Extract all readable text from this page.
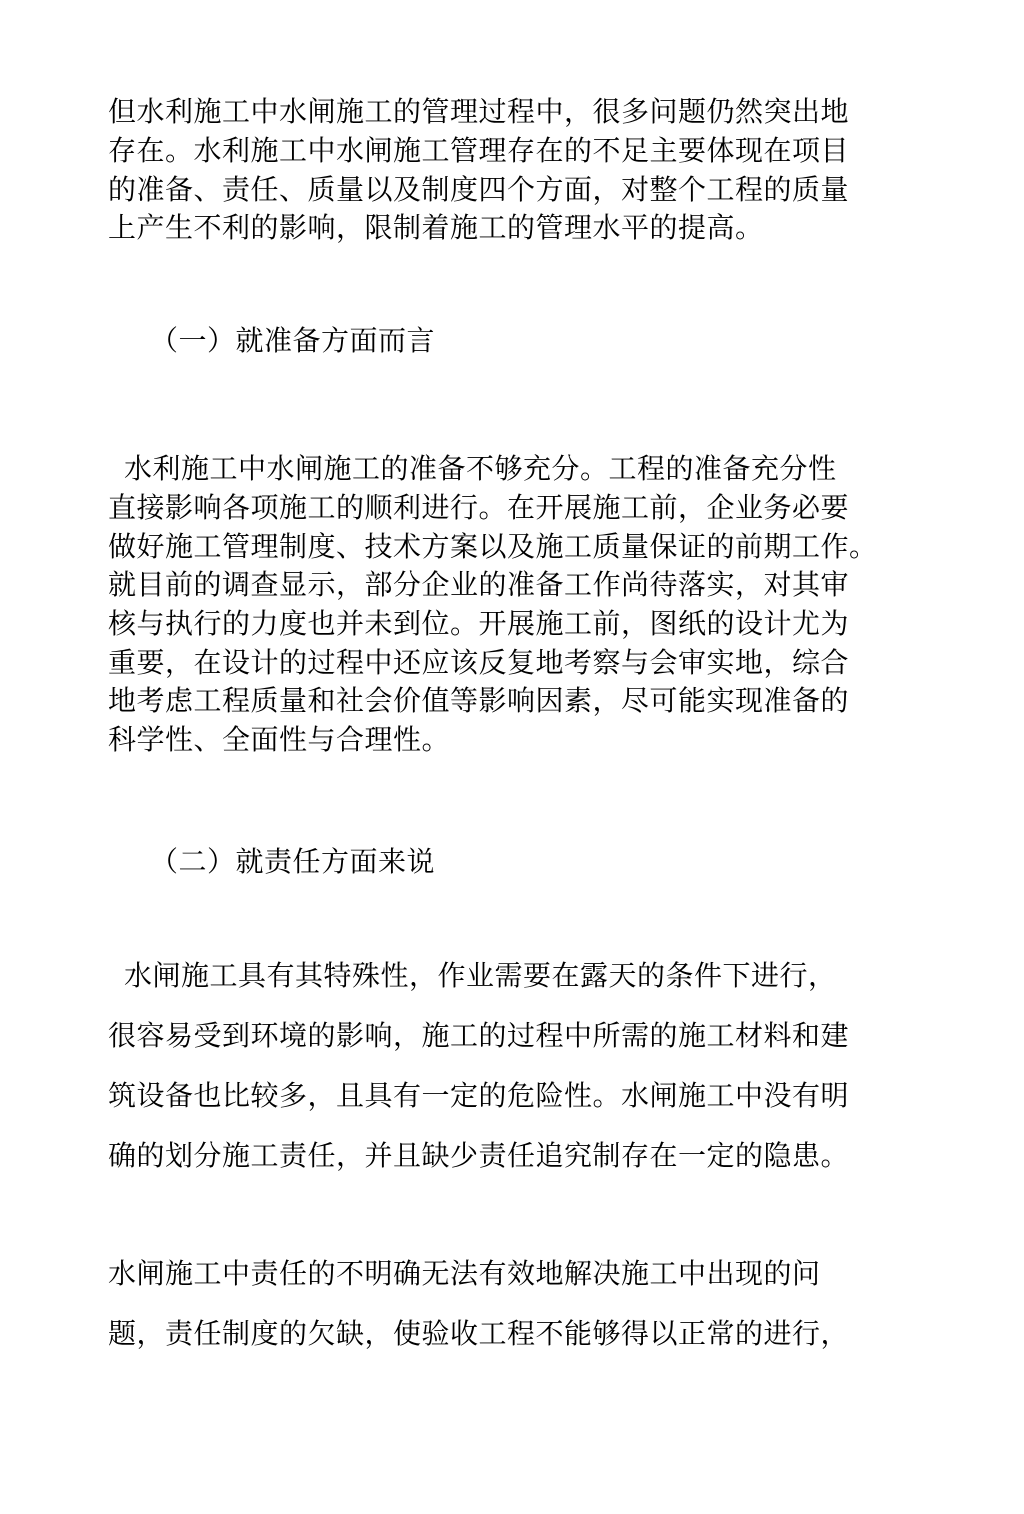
但水利施工中水闸施工的管理过程中，很多问题仍然突出地

存在。水利施工中水闸施工管理存在的不足主要体现在项目

的准备、责任、质量以及制度四个方面，对整个工程的质量

上产生不利的影响，限制着施工的管理水平的提高。

（一）就准备方面而言

水利施工中水闸施工的准备不够充分。工程的准备充分性

直接影响各项施工的顺利进行。在开展施工前，企业务必要

做好施工管理制度、技术方案以及施工质量保证的前期工作。

就目前的调查显示，部分企业的准备工作尚待落实，对其审

核与执行的力度也并未到位。开展施工前，图纸的设计尤为

重要，在设计的过程中还应该反复地考察与会审实地，综合

地考虑工程质量和社会价值等影响因素，尽可能实现准备的

科学性、全面性与合理性。

（二）就责任方面来说

水闸施工具有其特殊性，作业需要在露天的条件下进行，

很容易受到环境的影响，施工的过程中所需的施工材料和建

筑设备也比较多，且具有一定的危险性。水闸施工中没有明

确的划分施工责任，并且缺少责任追究制存在一定的隐患。

水闸施工中责任的不明确无法有效地解决施工中出现的问

题，责任制度的欠缺，使验收工程不能够得以正常的进行，
